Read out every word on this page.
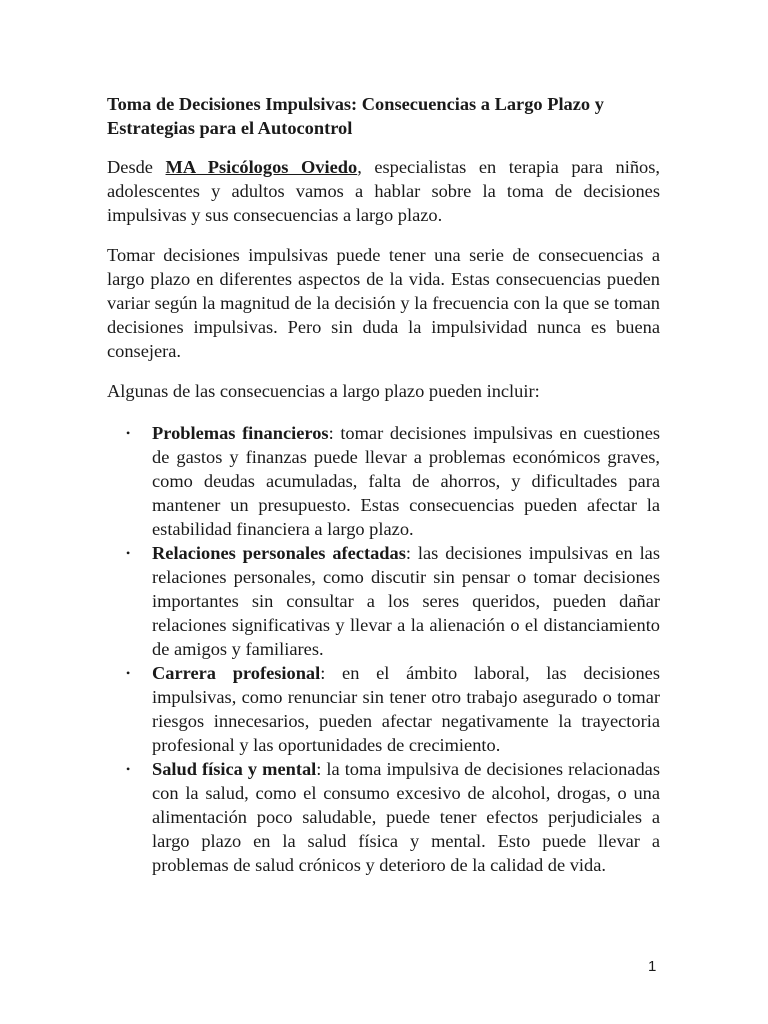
Toma de Decisiones Impulsivas: Consecuencias a Largo Plazo y Estrategias para el Autocontrol

Desde MA Psicólogos Oviedo, especialistas en terapia para niños, adolescentes y adultos vamos a hablar sobre la toma de decisiones impulsivas y sus consecuencias a largo plazo.

Tomar decisiones impulsivas puede tener una serie de consecuencias a largo plazo en diferentes aspectos de la vida. Estas consecuencias pueden variar según la magnitud de la decisión y la frecuencia con la que se toman decisiones impulsivas. Pero sin duda la impulsividad nunca es buena consejera.

Algunas de las consecuencias a largo plazo pueden incluir:

• Problemas financieros: tomar decisiones impulsivas en cuestiones de gastos y finanzas puede llevar a problemas económicos graves, como deudas acumuladas, falta de ahorros, y dificultades para mantener un presupuesto. Estas consecuencias pueden afectar la estabilidad financiera a largo plazo.
• Relaciones personales afectadas: las decisiones impulsivas en las relaciones personales, como discutir sin pensar o tomar decisiones importantes sin consultar a los seres queridos, pueden dañar relaciones significativas y llevar a la alienación o el distanciamiento de amigos y familiares.
• Carrera profesional: en el ámbito laboral, las decisiones impulsivas, como renunciar sin tener otro trabajo asegurado o tomar riesgos innecesarios, pueden afectar negativamente la trayectoria profesional y las oportunidades de crecimiento.
• Salud física y mental: la toma impulsiva de decisiones relacionadas con la salud, como el consumo excesivo de alcohol, drogas, o una alimentación poco saludable, puede tener efectos perjudiciales a largo plazo en la salud física y mental. Esto puede llevar a problemas de salud crónicos y deterioro de la calidad de vida.
1
